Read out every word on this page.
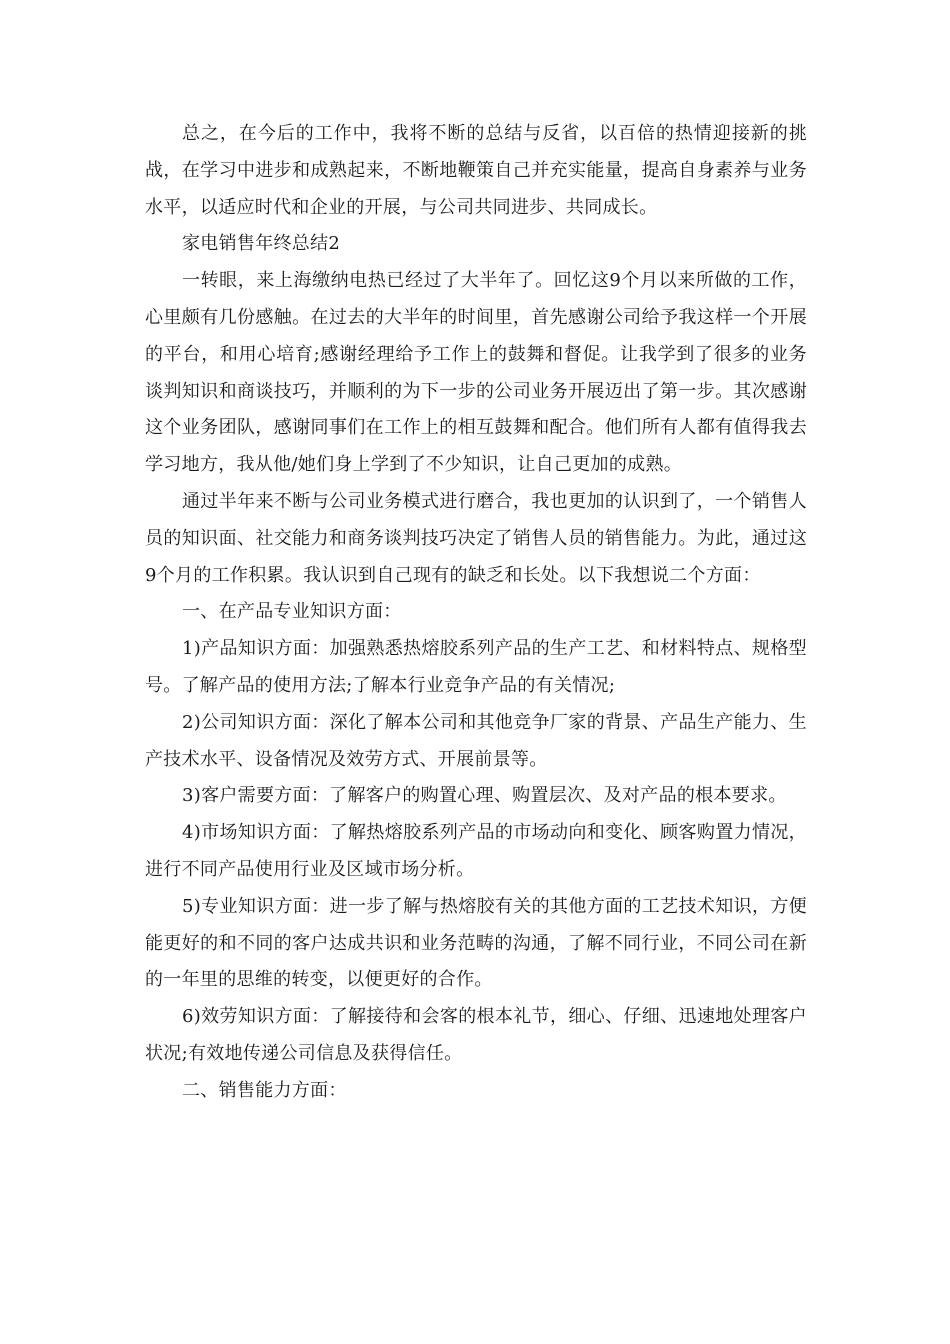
总之，在今后的工作中，我将不断的总结与反省，以百倍的热情迎接新的挑战，在学习中进步和成熟起来，不断地鞭策自己并充实能量，提高自身素养与业务水平，以适应时代和企业的开展，与公司共同进步、共同成长。

家电销售年终总结2

一转眼，来上海缴纳电热已经过了大半年了。回忆这9个月以来所做的工作，心里颇有几份感触。在过去的大半年的时间里，首先感谢公司给予我这样一个开展的平台，和用心培育;感谢经理给予工作上的鼓舞和督促。让我学到了很多的业务谈判知识和商谈技巧，并顺利的为下一步的公司业务开展迈出了第一步。其次感谢这个业务团队，感谢同事们在工作上的相互鼓舞和配合。他们所有人都有值得我去学习地方，我从他/她们身上学到了不少知识，让自己更加的成熟。

通过半年来不断与公司业务模式进行磨合，我也更加的认识到了，一个销售人员的知识面、社交能力和商务谈判技巧决定了销售人员的销售能力。为此，通过这9个月的工作积累。我认识到自己现有的缺乏和长处。以下我想说二个方面：

一、在产品专业知识方面：

1)产品知识方面：加强熟悉热熔胶系列产品的生产工艺、和材料特点、规格型号。了解产品的使用方法;了解本行业竞争产品的有关情况;

2)公司知识方面：深化了解本公司和其他竞争厂家的背景、产品生产能力、生产技术水平、设备情况及效劳方式、开展前景等。

3)客户需要方面：了解客户的购置心理、购置层次、及对产品的根本要求。

4)市场知识方面：了解热熔胶系列产品的市场动向和变化、顾客购置力情况，进行不同产品使用行业及区域市场分析。

5)专业知识方面：进一步了解与热熔胶有关的其他方面的工艺技术知识，方便能更好的和不同的客户达成共识和业务范畴的沟通，了解不同行业，不同公司在新的一年里的思维的转变，以便更好的合作。

6)效劳知识方面：了解接待和会客的根本礼节，细心、仔细、迅速地处理客户状况;有效地传递公司信息及获得信任。

二、销售能力方面：
